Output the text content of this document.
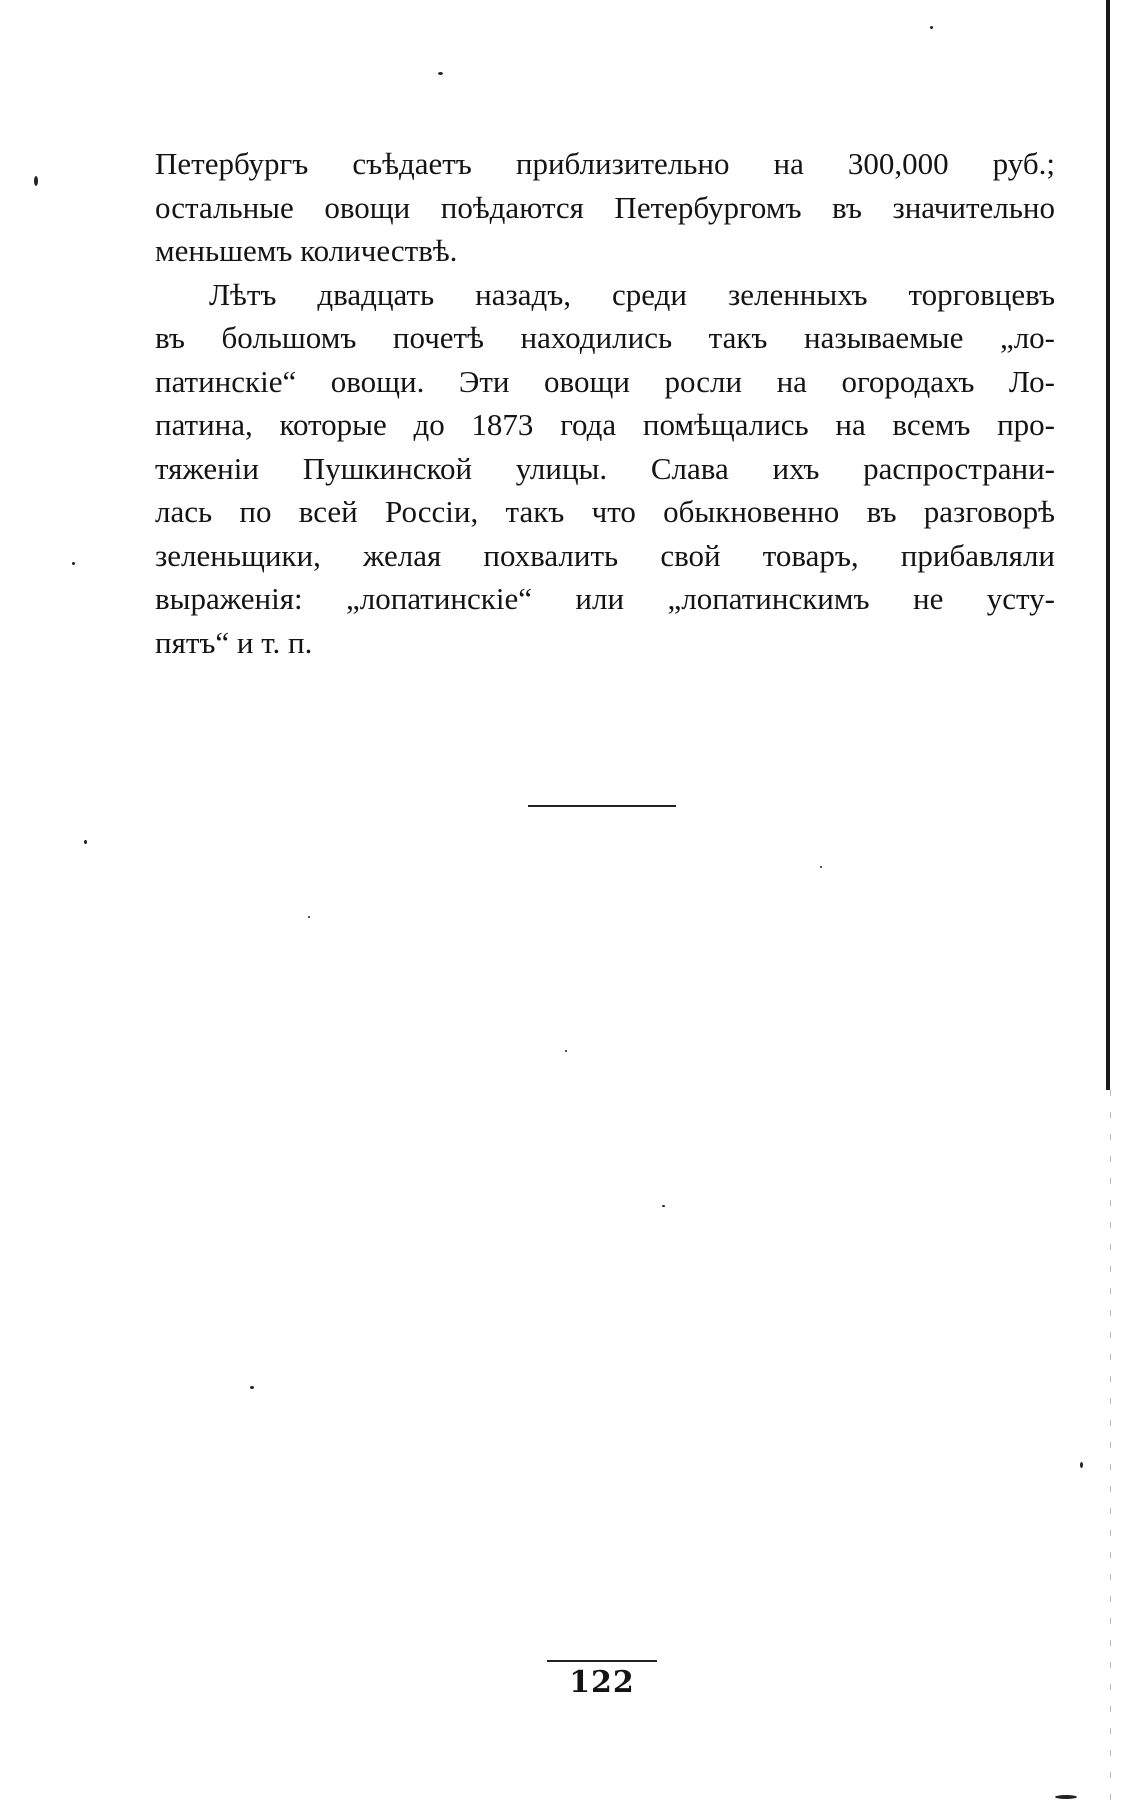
Петербургъ съѣдаетъ приблизительно на 300,000 руб.;
остальные овощи поѣдаются Петербургомъ въ значительно
меньшемъ количествѣ.
Лѣтъ двадцать назадъ, среди зеленныхъ торговцевъ
въ большомъ почетѣ находились такъ называемые „ло-
патинскіе“ овощи. Эти овощи росли на огородахъ Ло-
патина, которые до 1873 года помѣщались на всемъ про-
тяженіи Пушкинской улицы. Слава ихъ распространи-
лась по всей Россіи, такъ что обыкновенно въ разговорѣ
зеленьщики, желая похвалить свой товаръ, прибавляли
выраженія: „лопатинскіе“ или „лопатинскимъ не усту-
пятъ“ и т. п.
122
